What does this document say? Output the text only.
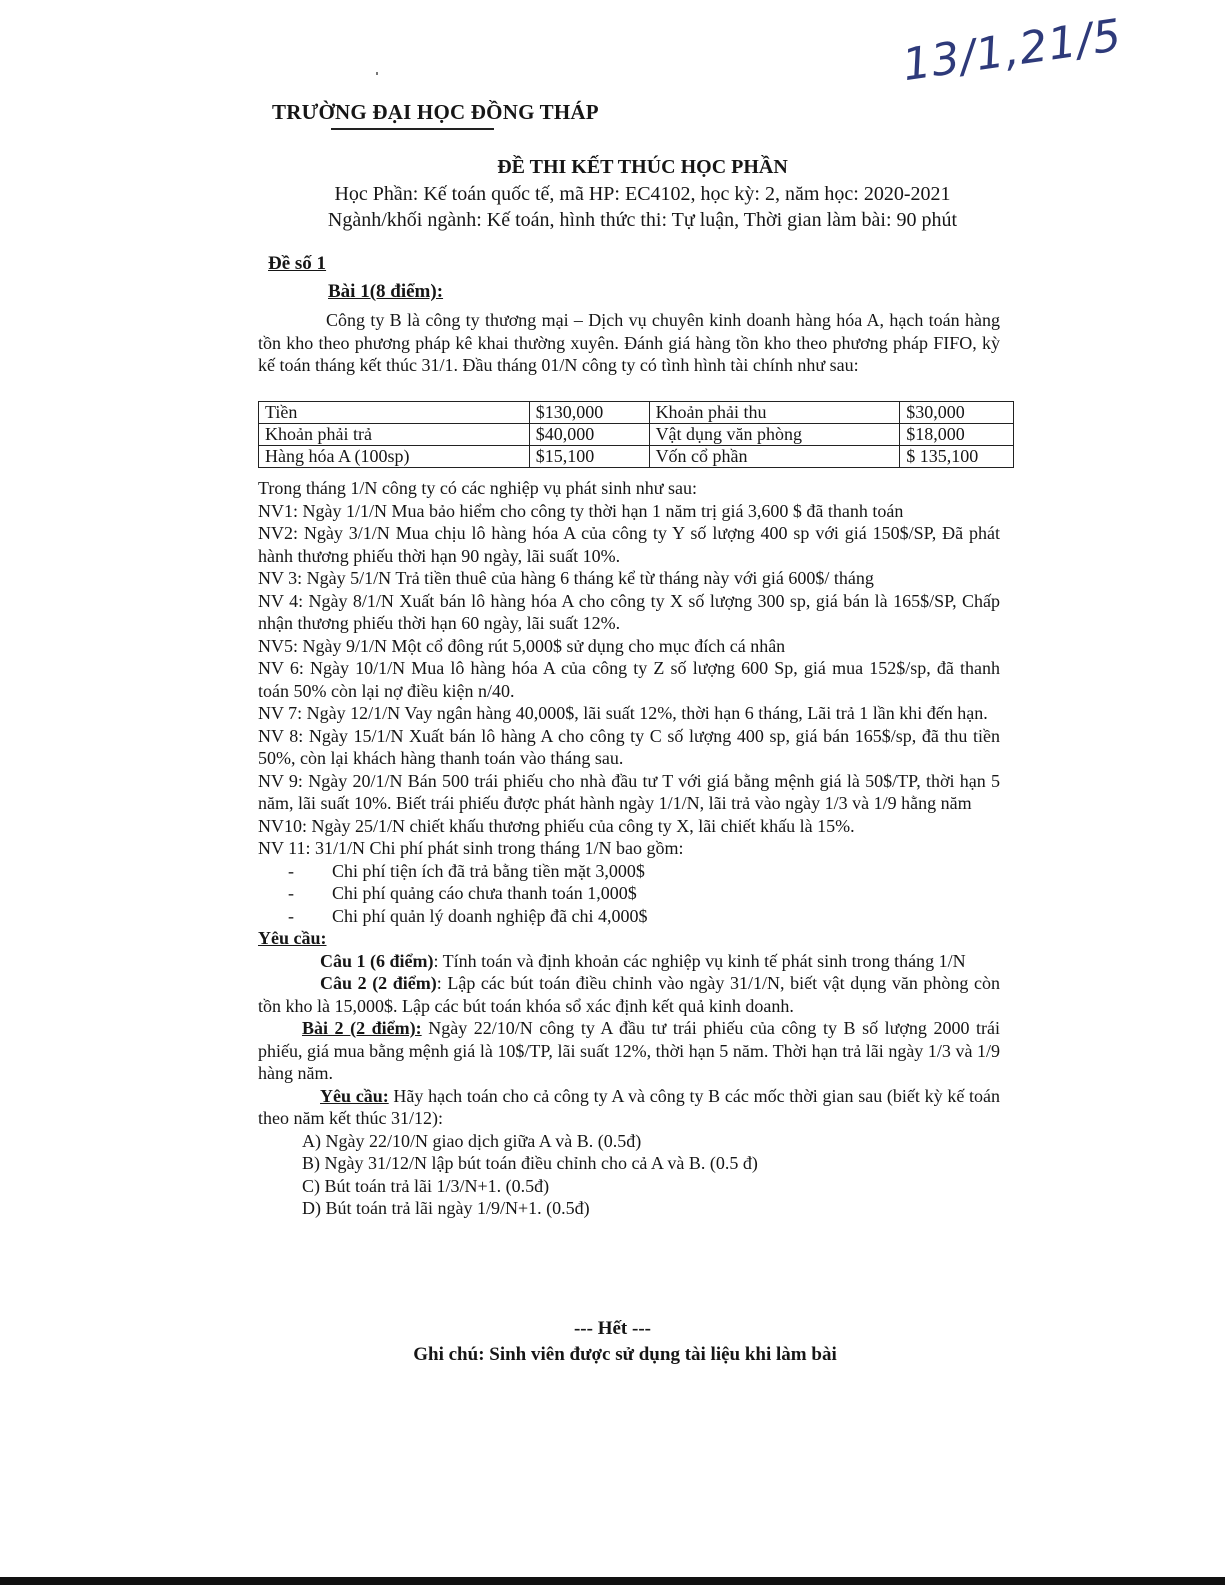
13/1,21/5
TRƯỜNG ĐẠI HỌC ĐỒNG THÁP
ĐỀ THI KẾT THÚC HỌC PHẦN
Học Phần: Kế toán quốc tế, mã HP: EC4102, học kỳ: 2, năm học: 2020-2021
Ngành/khối ngành: Kế toán, hình thức thi: Tự luận, Thời gian làm bài: 90 phút
Đề số 1
Bài 1(8 điểm):

Công ty B là công ty thương mại – Dịch vụ chuyên kinh doanh hàng hóa A, hạch toán hàng tồn kho theo phương pháp kê khai thường xuyên. Đánh giá hàng tồn kho theo phương pháp FIFO, kỳ kế toán tháng kết thúc 31/1. Đầu tháng 01/N công ty có tình hình tài chính như sau:

Tiền	$130,000	Khoản phải thu	$30,000
Khoản phải trả	$40,000	Vật dụng văn phòng	$18,000
Hàng hóa A (100sp)	$15,100	Vốn cổ phần	$ 135,100

Trong tháng 1/N công ty có các nghiệp vụ phát sinh như sau:

NV1: Ngày 1/1/N Mua bảo hiểm cho công ty thời hạn 1 năm trị giá 3,600 $ đã thanh toán

NV2: Ngày 3/1/N Mua chịu lô hàng hóa A của công ty Y số lượng 400 sp với giá 150$/SP, Đã phát hành thương phiếu thời hạn 90 ngày, lãi suất 10%.

NV 3: Ngày 5/1/N Trả tiền thuê của hàng 6 tháng kể từ tháng này với giá 600$/ tháng

NV 4: Ngày 8/1/N Xuất bán lô hàng hóa A cho công ty X số lượng 300 sp, giá bán là 165$/SP, Chấp nhận thương phiếu thời hạn 60 ngày, lãi suất 12%.

NV5: Ngày 9/1/N Một cổ đông rút 5,000$ sử dụng cho mục đích cá nhân

NV 6: Ngày 10/1/N Mua lô hàng hóa A của công ty Z số lượng 600 Sp, giá mua 152$/sp, đã thanh toán 50% còn lại nợ điều kiện n/40.

NV 7: Ngày 12/1/N Vay ngân hàng 40,000$, lãi suất 12%, thời hạn 6 tháng, Lãi trả 1 lần khi đến hạn.

NV 8: Ngày 15/1/N Xuất bán lô hàng A cho công ty C số lượng 400 sp, giá bán 165$/sp, đã thu tiền 50%, còn lại khách hàng thanh toán vào tháng sau.

NV 9: Ngày 20/1/N Bán 500 trái phiếu cho nhà đầu tư T với giá bằng mệnh giá là 50$/TP, thời hạn 5 năm, lãi suất 10%. Biết trái phiếu được phát hành ngày 1/1/N, lãi trả vào ngày 1/3 và 1/9 hằng năm

NV10: Ngày 25/1/N chiết khấu thương phiếu của công ty X, lãi chiết khấu là 15%.

NV 11: 31/1/N Chi phí phát sinh trong tháng 1/N bao gồm:

- Chi phí tiện ích đã trả bằng tiền mặt 3,000$
- Chi phí quảng cáo chưa thanh toán 1,000$
- Chi phí quản lý doanh nghiệp đã chi 4,000$

Yêu cầu:

Câu 1 (6 điểm): Tính toán và định khoản các nghiệp vụ kinh tế phát sinh trong tháng 1/N

Câu 2 (2 điểm): Lập các bút toán điều chỉnh vào ngày 31/1/N, biết vật dụng văn phòng còn tồn kho là 15,000$. Lập các bút toán khóa sổ xác định kết quả kinh doanh.

Bài 2 (2 điểm): Ngày 22/10/N công ty A đầu tư trái phiếu của công ty B số lượng 2000 trái phiếu, giá mua bằng mệnh giá là 10$/TP, lãi suất 12%, thời hạn 5 năm. Thời hạn trả lãi ngày 1/3 và 1/9 hàng năm.

Yêu cầu: Hãy hạch toán cho cả công ty A và công ty B các mốc thời gian sau (biết kỳ kế toán theo năm kết thúc 31/12):

A) Ngày 22/10/N giao dịch giữa A và B. (0.5đ)

B) Ngày 31/12/N lập bút toán điều chỉnh cho cả A và B. (0.5 đ)

C) Bút toán trả lãi 1/3/N+1. (0.5đ)

D) Bút toán trả lãi ngày 1/9/N+1. (0.5đ)

--- Hết ---
Ghi chú: Sinh viên được sử dụng tài liệu khi làm bài
